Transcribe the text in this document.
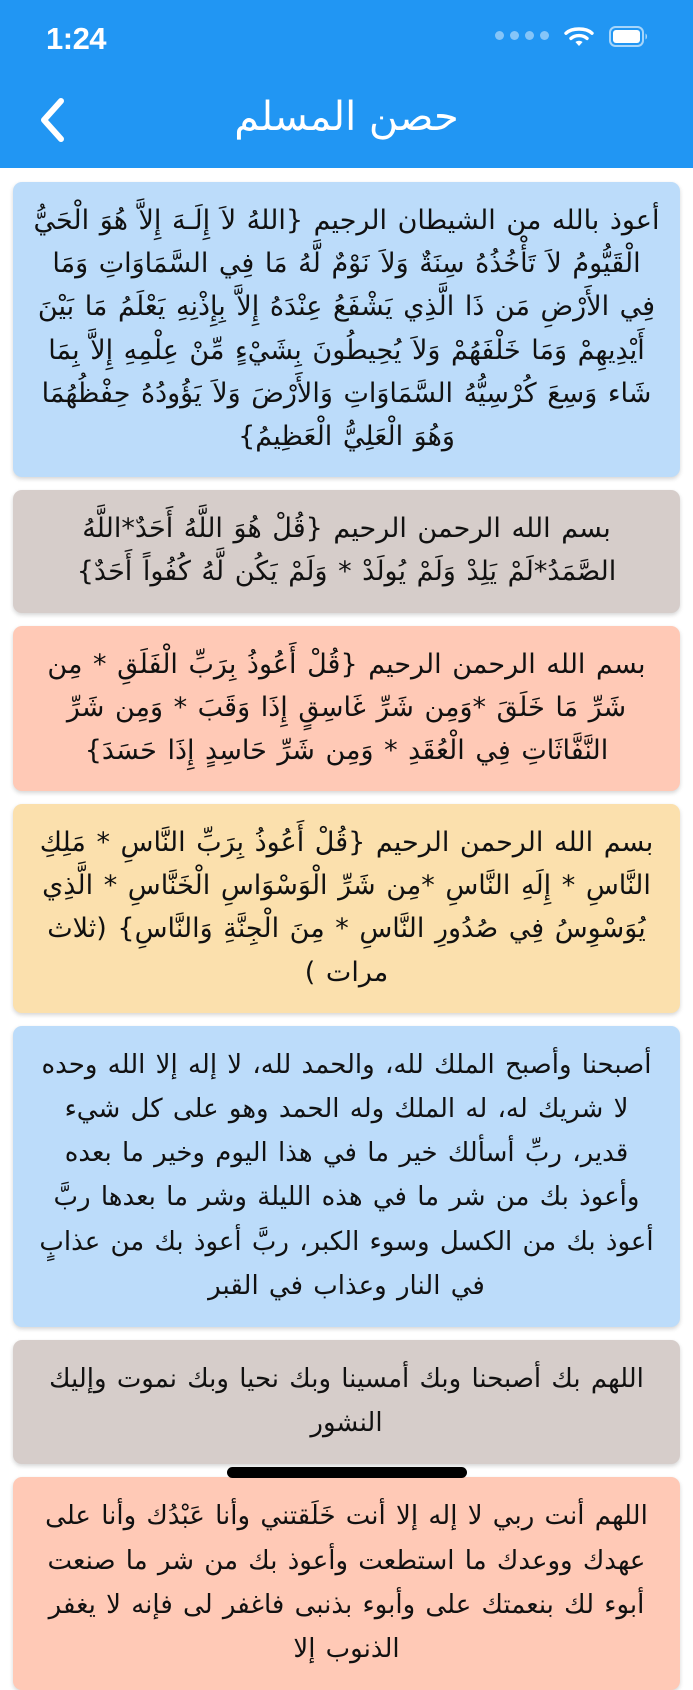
1:24
حصن المسلم
أعوذ بالله من الشيطان الرجيم {اللهُ لاَ إِلَـهَ إِلاَّ هُوَ الْحَيُّ الْقَيُّومُ لاَ تَأْخُذُهُ سِنَةٌ وَلاَ نَوْمٌ لَّهُ مَا فِي السَّمَاوَاتِ وَمَا فِي الأَرْضِ مَن ذَا الَّذِي يَشْفَعُ عِنْدَهُ إِلاَّ بِإِذْنِهِ يَعْلَمُ مَا بَيْنَ أَيْدِيهِمْ وَمَا خَلْفَهُمْ وَلاَ يُحِيطُونَ بِشَيْءٍ مِّنْ عِلْمِهِ إِلاَّ بِمَا شَاء وَسِعَ كُرْسِيُّهُ السَّمَاوَاتِ وَالأَرْضَ وَلاَ يَؤُودُهُ حِفْظُهُمَا وَهُوَ الْعَلِيُّ الْعَظِيمُ}
بسم الله الرحمن الرحيم {قُلْ هُوَ اللَّهُ أَحَدٌ*اللَّهُ الصَّمَدُ*لَمْ يَلِدْ وَلَمْ يُولَدْ * وَلَمْ يَكُن لَّهُ كُفُواً أَحَدٌ}
بسم الله الرحمن الرحيم {قُلْ أَعُوذُ بِرَبِّ الْفَلَقِ * مِن شَرِّ مَا خَلَقَ *وَمِن شَرِّ غَاسِقٍ إِذَا وَقَبَ * وَمِن شَرِّ النَّفَّاثَاتِ فِي الْعُقَدِ * وَمِن شَرِّ حَاسِدٍ إِذَا حَسَدَ}
بسم الله الرحمن الرحيم {قُلْ أَعُوذُ بِرَبِّ النَّاسِ * مَلِكِ النَّاسِ * إِلَهِ النَّاسِ *مِن شَرِّ الْوَسْوَاسِ الْخَنَّاسِ * الَّذِي يُوَسْوِسُ فِي صُدُورِ النَّاسِ * مِنَ الْجِنَّةِ وَالنَّاسِ} (ثلاث مرات )
أصبحنا وأصبح الملك لله، والحمد لله، لا إله إلا الله وحده لا شريك له، له الملك وله الحمد وهو على كل شيء قدير، ربِّ أسألك خير ما في هذا اليوم وخير ما بعده وأعوذ بك من شر ما في هذه الليلة وشر ما بعدها ربَّ أعوذ بك من الكسل وسوء الكبر، ربَّ أعوذ بك من عذابٍ في النار وعذاب في القبر
اللهم بك أصبحنا وبك أمسينا وبك نحيا وبك نموت وإليك النشور
اللهم أنت ربي لا إله إلا أنت خَلَقتني وأنا عَبْدُك وأنا على عهدك ووعدك ما استطعت وأعوذ بك من شر ما صنعت أبوء لك بنعمتك على وأبوء بذنبى فاغفر لى فإنه لا يغفر الذنوب إلا
